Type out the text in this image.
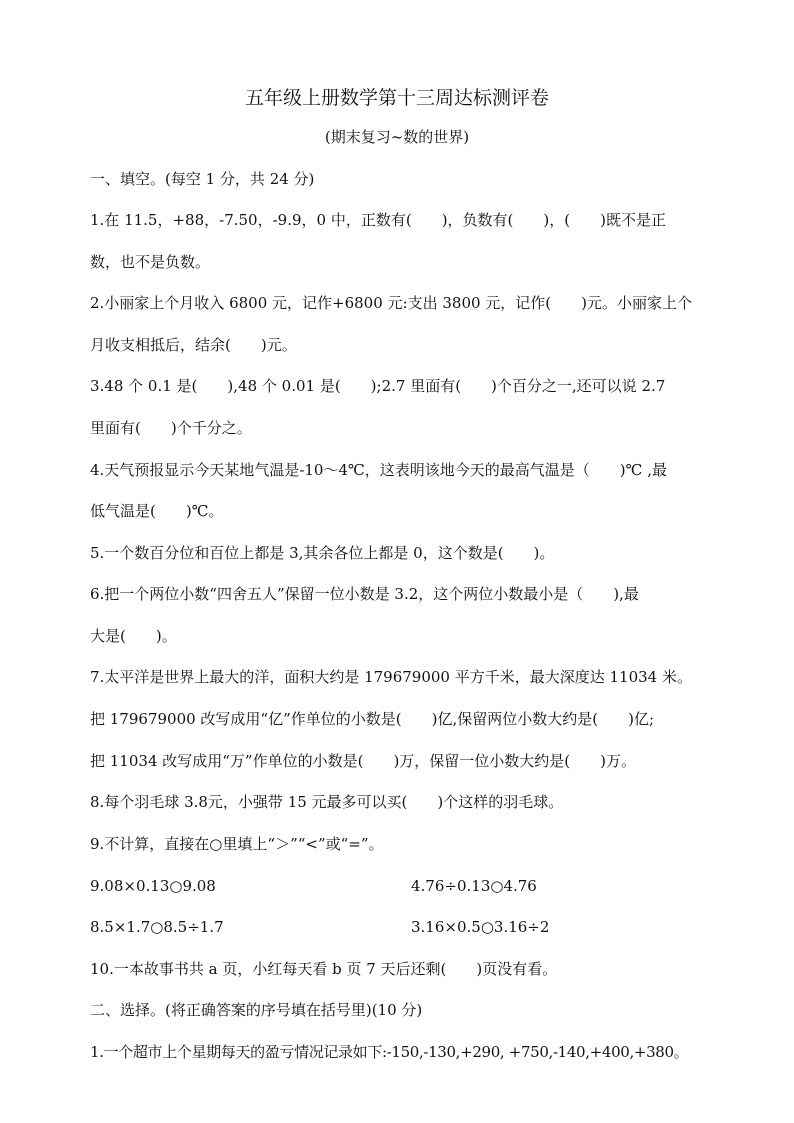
五年级上册数学第十三周达标测评卷
(期末复习~数的世界)
一、填空。(每空 1 分，共 24 分)
1.在 11.5，+88，-7.50，-9.9，0 中，正数有(　　)，负数有(　　)，(　　)既不是正
数，也不是负数。
2.小丽家上个月收入 6800 元，记作+6800 元:支出 3800 元，记作(　　)元。小丽家上个
月收支相抵后，结余(　　)元。
3.48 个 0.1 是(　　),48 个 0.01 是(　　);2.7 里面有(　　)个百分之一,还可以说 2.7
里面有(　　)个千分之。
4.天气预报显示今天某地气温是-10～4℃，这表明该地今天的最高气温是（　　)℃ ,最
低气温是(　　)℃。
5.一个数百分位和百位上都是 3,其余各位上都是 0，这个数是(　　)。
6.把一个两位小数“四舍五人”保留一位小数是 3.2，这个两位小数最小是（　　),最
大是(　　)。
7.太平洋是世界上最大的洋，面积大约是 179679000 平方千米，最大深度达 11034 米。
把 179679000 改写成用“亿”作单位的小数是(　　)亿,保留两位小数大约是(　　)亿;
把 11034 改写成用“万”作单位的小数是(　　)万，保留一位小数大约是(　　)万。
8.每个羽毛球 3.8元，小强带 15 元最多可以买(　　)个这样的羽毛球。
9.不计算，直接在○里填上“＞”“<”或“=”。
9.08×0.13○9.08	4.76÷0.13○4.76
8.5×1.7○8.5÷1.7	3.16×0.5○3.16÷2
10.一本故事书共 a 页，小红每天看 b 页 7 天后还剩(　　)页没有看。
二、选择。(将正确答案的序号填在括号里)(10 分)
1.一个超市上个星期每天的盈亏情况记录如下:-150,-130,+290, +750,-140,+400,+380。
